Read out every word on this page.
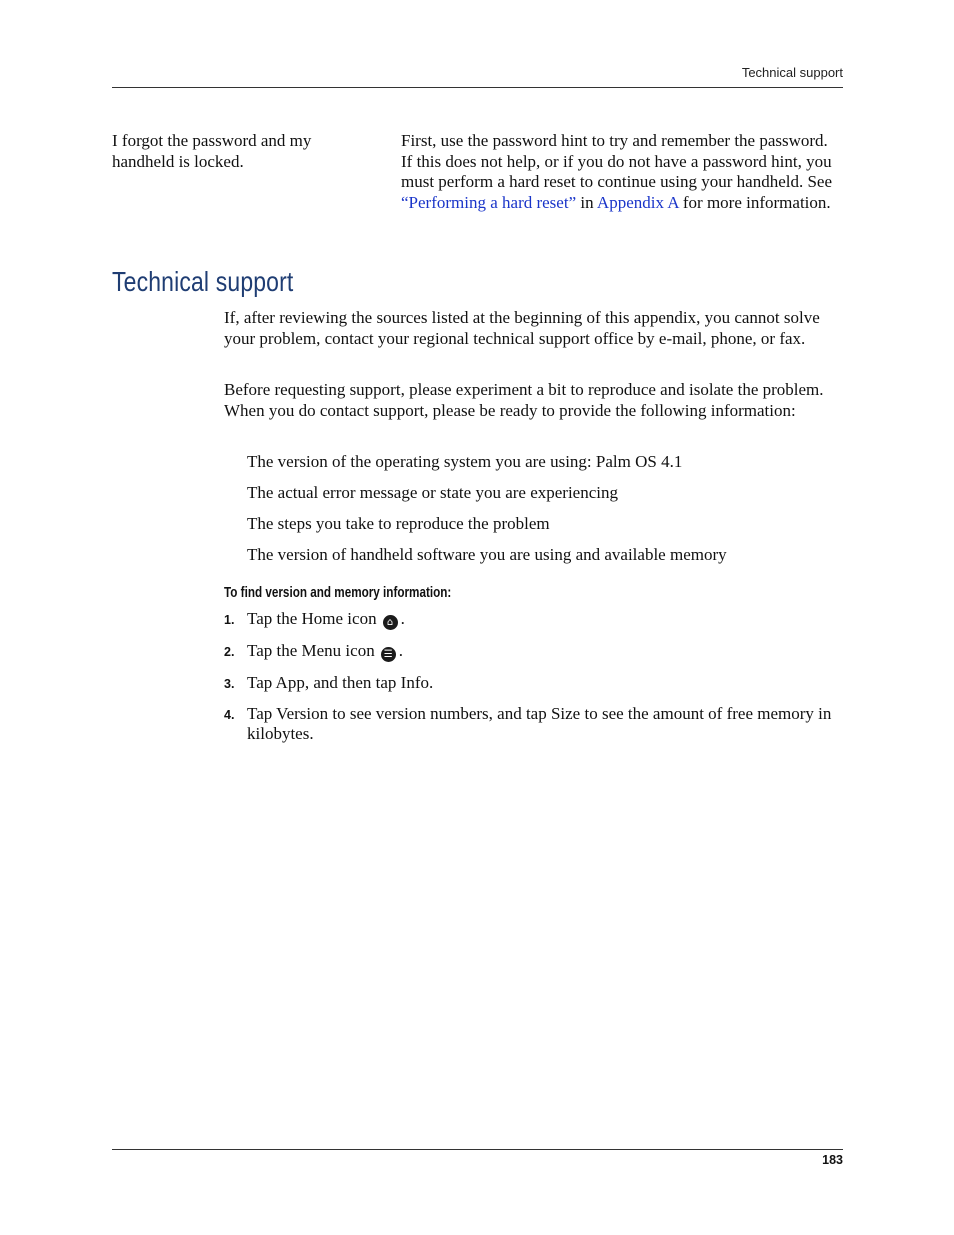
Technical support
I forgot the password and my handheld is locked.
First, use the password hint to try and remember the password. If this does not help, or if you do not have a password hint, you must perform a hard reset to continue using your handheld. See “Performing a hard reset” in Appendix A for more information.
Technical support

If, after reviewing the sources listed at the beginning of this appendix, you cannot solve your problem, contact your regional technical support office by e-mail, phone, or fax.

Before requesting support, please experiment a bit to reproduce and isolate the problem. When you do contact support, please be ready to provide the following information:

The version of the operating system you are using: Palm OS 4.1
The actual error message or state you are experiencing
The steps you take to reproduce the problem
The version of handheld software you are using and available memory
To find version and memory information:
1. Tap the Home icon ⌂ .
2. Tap the Menu icon ☰ .
3. Tap App, and then tap Info.
4. Tap Version to see version numbers, and tap Size to see the amount of free memory in kilobytes.
183
